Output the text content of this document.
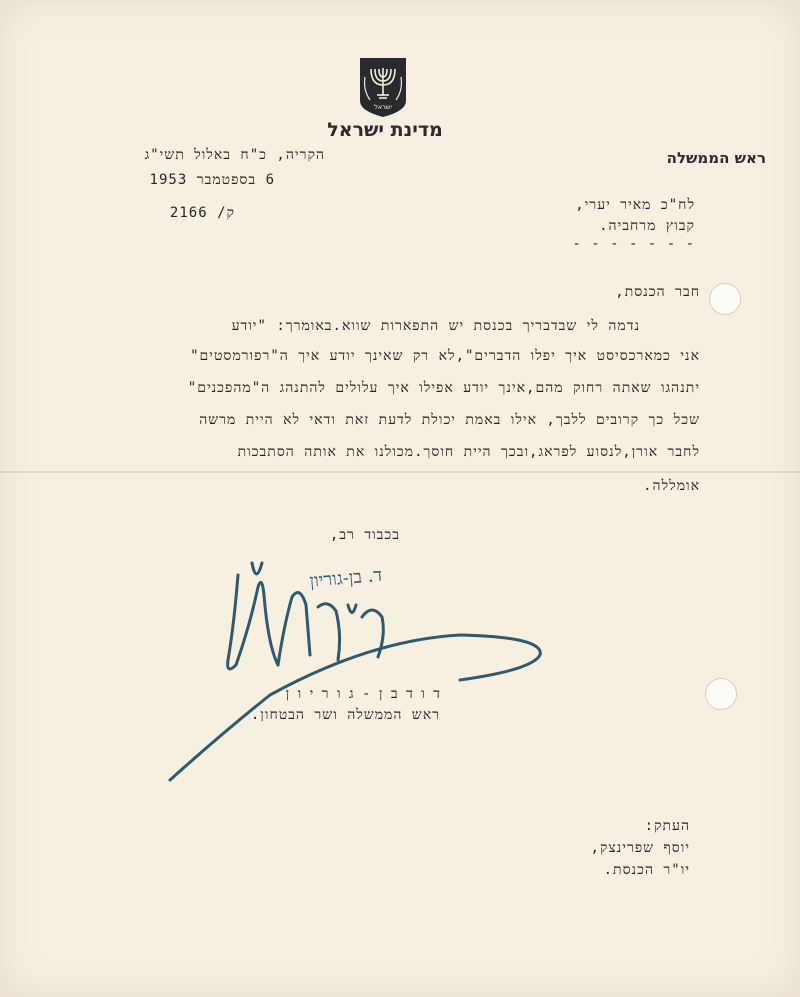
ישראל
מדינת ישראל
ראש הממשלה
הקריה, כ"ח באלול תשי"ג
6 בספטמבר 1953
ק/ 2166	לח"כ מאיר יערי,
קבוץ מרחביה.
- - - - - - -
חבר הכנסת,
נדמה לי שבדבריך בכנסת יש התפארות שווא.באומרך: "יודע
אני כמארכסיסט איך יפלו הדברים",לא רק שאינך יודע איך ה"רפורמסטים"
יתנהגו שאתה רחוק מהם,אינך יודע אפילו איך עלולים להתנהג ה"מהפכנים"
שכל כך קרובים ללבך, אילו באמת יכולת לדעת זאת ודאי לא היית מרשה
לחבר אורן,לנסוע לפראג,ובכך היית חוסך.מכולנו את אותה הסתבכות
אומללה.
בכבוד רב,
ד. בן-גוריון
ד ו ד ב ן - ג ו ר י ו ן
ראש הממשלה ושר הבטחון.
העתק:
יוסף שפרינצק,
יו"ר הכנסת.
